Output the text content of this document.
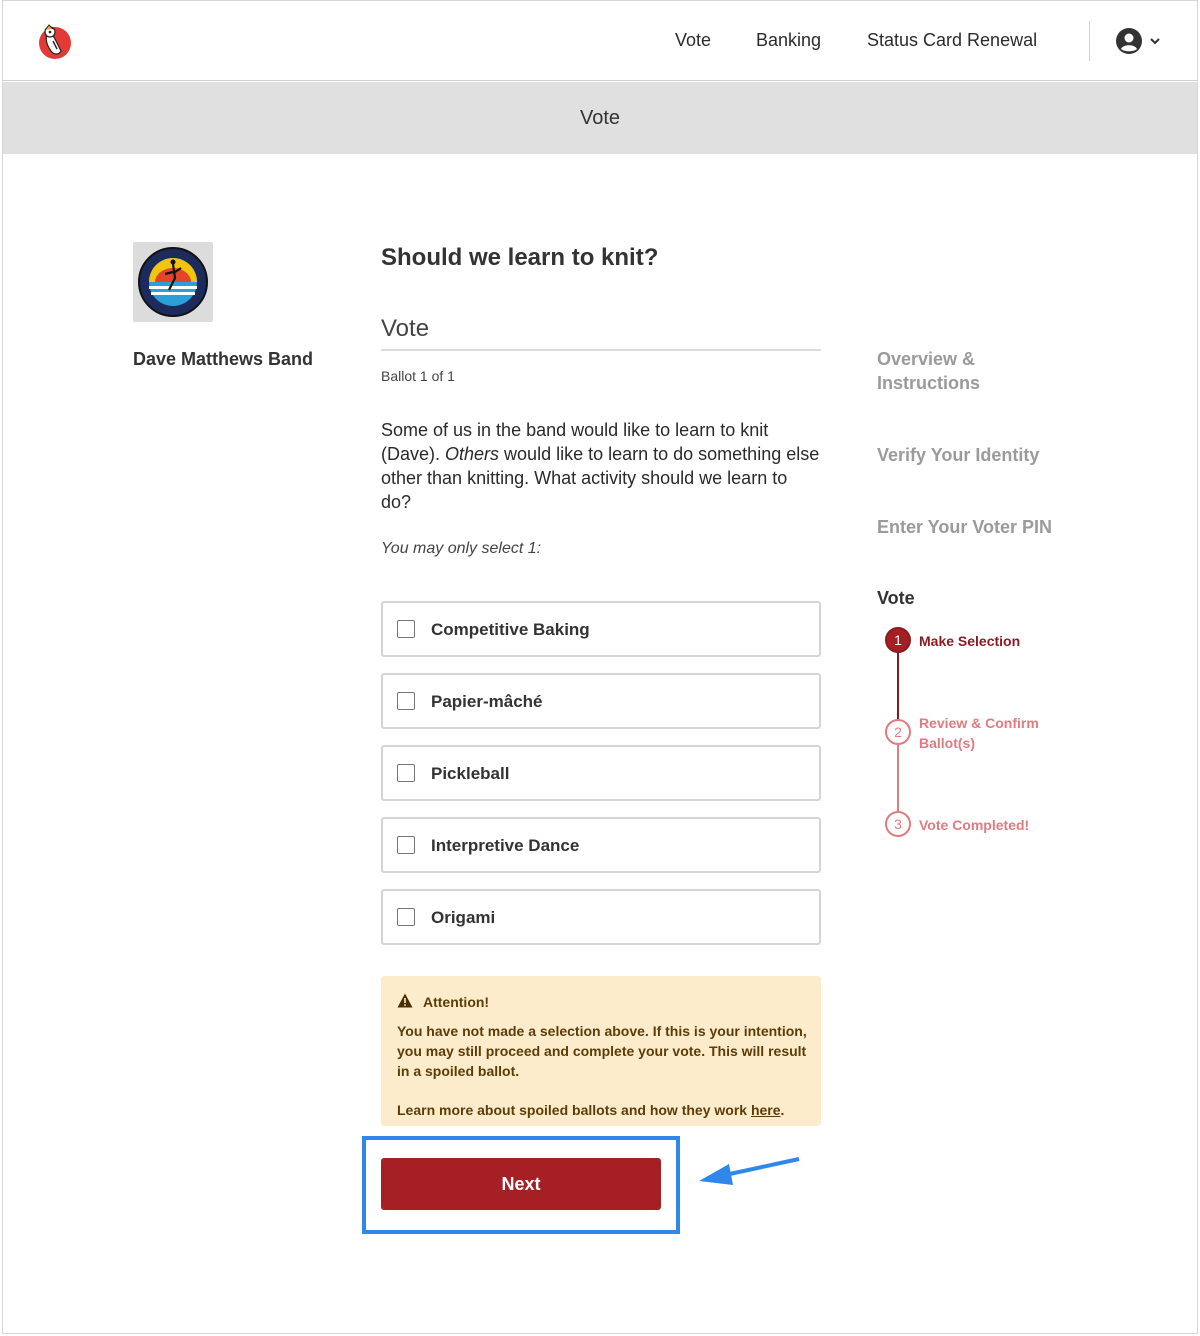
Vote Banking	Status Card Renewal
Vote
Dave Matthews Band
Should we learn to knit?
Vote
Ballot 1 of 1
Some of us in the band would like to learn to knit (Dave). Others would like to learn to do something else other than knitting. What activity should we learn to do?
You may only select 1:
Competitive Baking
Papier-mâché
Pickleball
Interpretive Dance
Origami
Attention!
You have not made a selection above. If this is your intention, you may still proceed and complete your vote. This will result in a spoiled ballot.
Learn more about spoiled ballots and how they work here.
Next
Overview & Instructions
Verify Your Identity
Enter Your Voter PIN
Vote
1
2
3
Make Selection
Review & Confirm Ballot(s)
Vote Completed!
